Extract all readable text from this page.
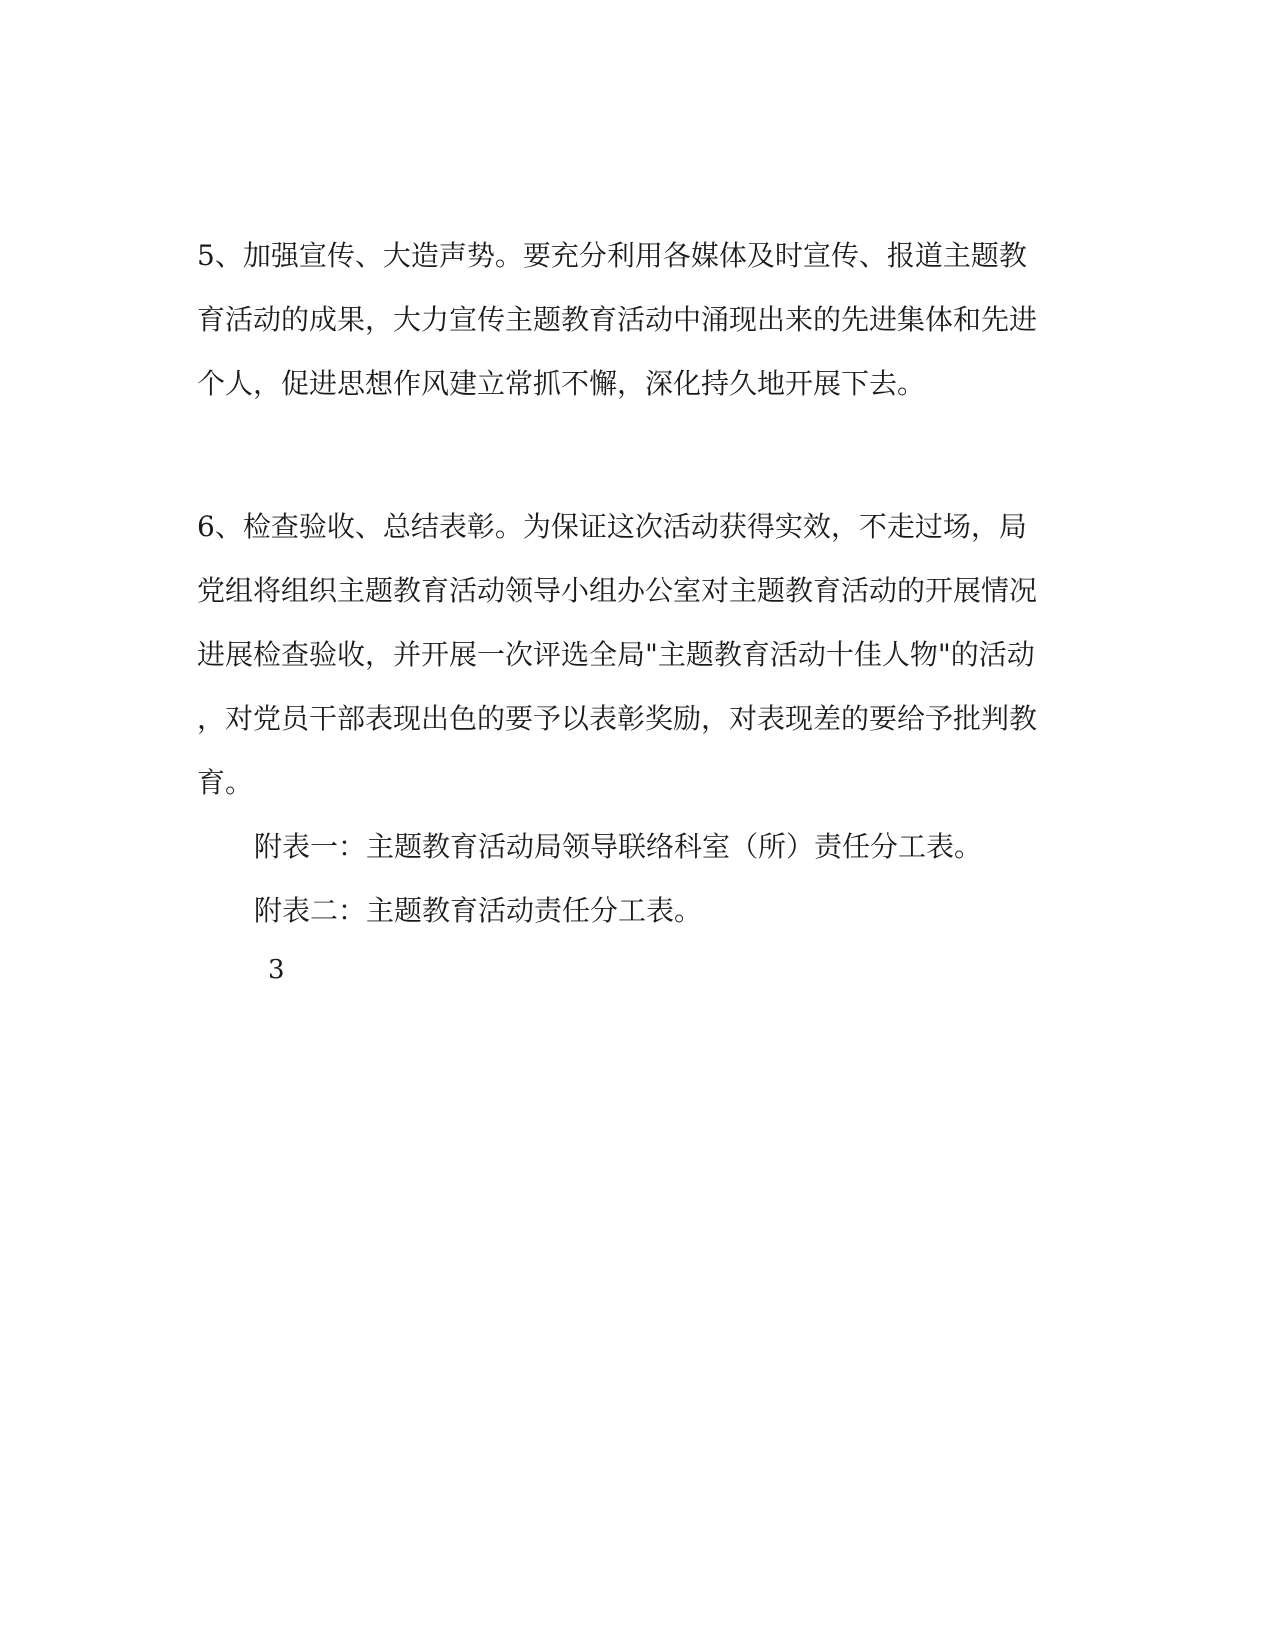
5、加强宣传、大造声势。要充分利用各媒体及时宣传、报道主题教
育活动的成果，大力宣传主题教育活动中涌现出来的先进集体和先进
个人，促进思想作风建立常抓不懈，深化持久地开展下去。
6、检查验收、总结表彰。为保证这次活动获得实效，不走过场，局
党组将组织主题教育活动领导小组办公室对主题教育活动的开展情况
进展检查验收，并开展一次评选全局"主题教育活动十佳人物"的活动
，对党员干部表现出色的要予以表彰奖励，对表现差的要给予批判教
育。
附表一：主题教育活动局领导联络科室（所）责任分工表。
附表二：主题教育活动责任分工表。
3
